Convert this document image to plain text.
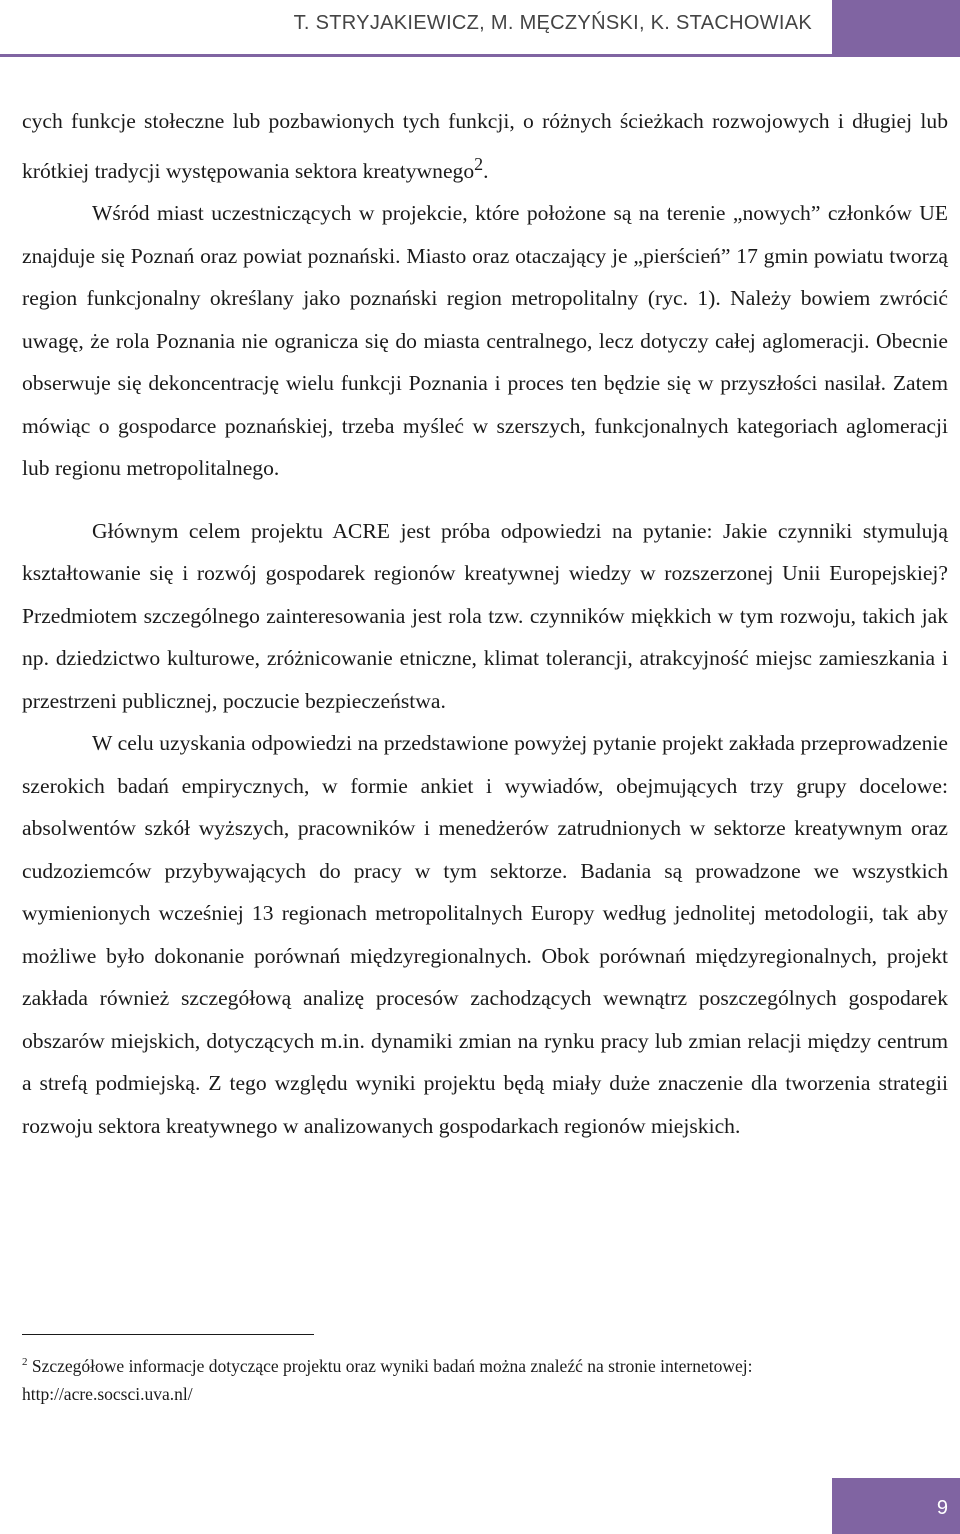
T. STRYJAKIEWICZ, M. MĘCZYŃSKI, K. STACHOWIAK

cych funkcje stołeczne lub pozbawionych tych funkcji, o różnych ścieżkach rozwojowych i długiej lub krótkiej tradycji występowania sektora kreatywnego$^2$.

Wśród miast uczestniczących w projekcie, które położone są na terenie „nowych” członków UE znajduje się Poznań oraz powiat poznański. Miasto oraz otaczający je „pierścień” 17 gmin powiatu tworzą region funkcjonalny określany jako poznański region metropolitalny (ryc. 1). Należy bowiem zwrócić uwagę, że rola Poznania nie ogranicza się do miasta centralnego, lecz dotyczy całej aglomeracji. Obecnie obserwuje się dekoncentrację wielu funkcji Poznania i proces ten będzie się w przyszłości nasilał. Zatem mówiąc o gospodarce poznańskiej, trzeba myśleć w szerszych, funkcjonalnych kategoriach aglomeracji lub regionu metropolitalnego.

Głównym celem projektu ACRE jest próba odpowiedzi na pytanie: Jakie czynniki stymulują kształtowanie się i rozwój gospodarek regionów kreatywnej wiedzy w rozszerzonej Unii Europejskiej? Przedmiotem szczególnego zainteresowania jest rola tzw. czynników miękkich w tym rozwoju, takich jak np. dziedzictwo kulturowe, zróżnicowanie etniczne, klimat tolerancji, atrakcyjność miejsc zamieszkania i przestrzeni publicznej, poczucie bezpieczeństwa.

W celu uzyskania odpowiedzi na przedstawione powyżej pytanie projekt zakłada przeprowadzenie szerokich badań empirycznych, w formie ankiet i wywiadów, obejmujących trzy grupy docelowe: absolwentów szkół wyższych, pracowników i menedżerów zatrudnionych w sektorze kreatywnym oraz cudzoziemców przybywających do pracy w tym sektorze. Badania są prowadzone we wszystkich wymienionych wcześniej 13 regionach metropolitalnych Europy według jednolitej metodologii, tak aby możliwe było dokonanie porównań międzyregionalnych. Obok porównań międzyregionalnych, projekt zakłada również szczegółową analizę procesów zachodzących wewnątrz poszczególnych gospodarek obszarów miejskich, dotyczących m.in. dynamiki zmian na rynku pracy lub zmian relacji między centrum a strefą podmiejską. Z tego względu wyniki projektu będą miały duże znaczenie dla tworzenia strategii rozwoju sektora kreatywnego w analizowanych gospodarkach regionów miejskich.

$^2$ Szczegółowe informacje dotyczące projektu oraz wyniki badań można znaleźć na stronie internetowej:
http://acre.socsci.uva.nl/
9
